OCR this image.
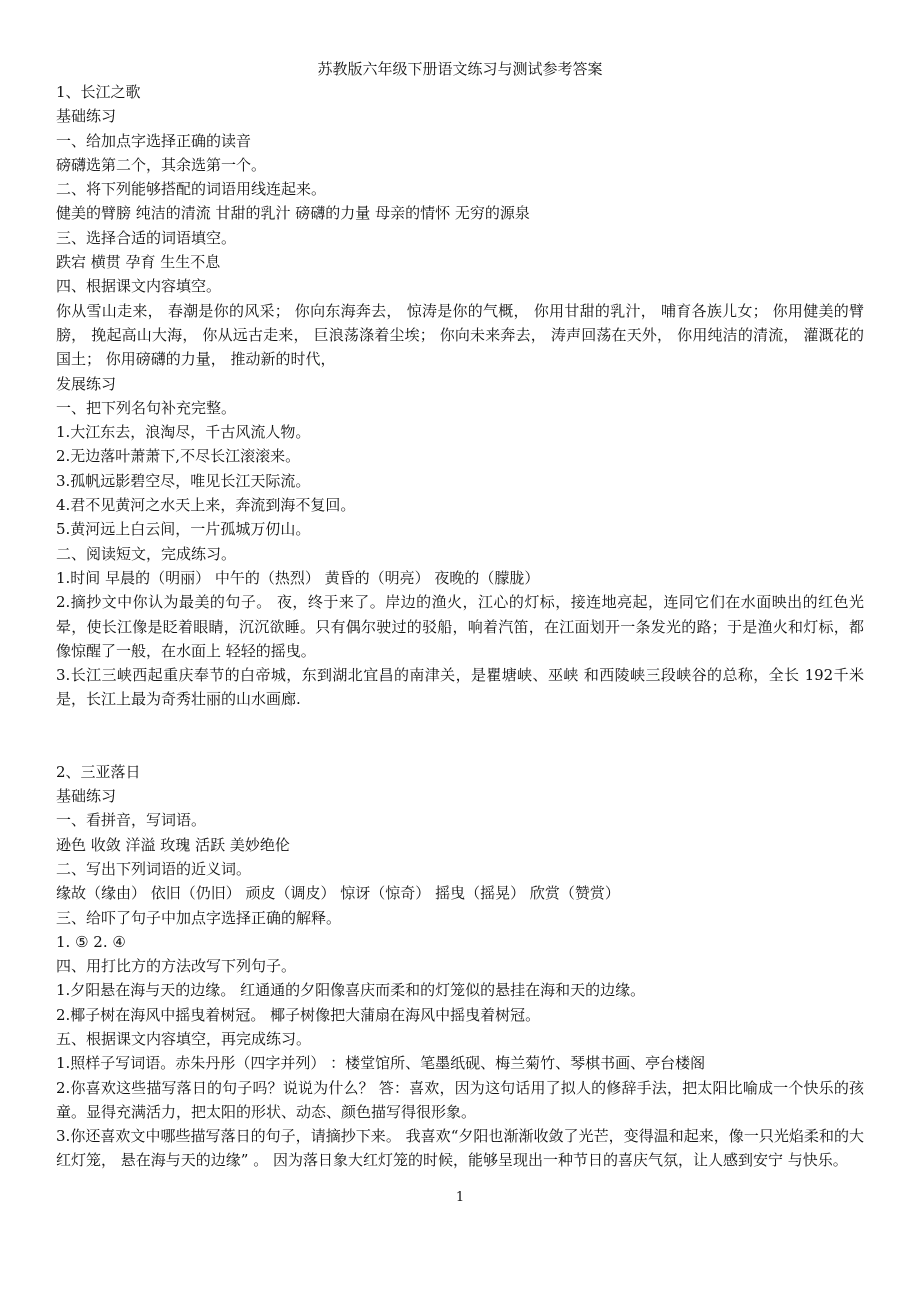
苏教版六年级下册语文练习与测试参考答案

1、长江之歌

基础练习

一、给加点字选择正确的读音

磅礴选第二个，其余选第一个。

二、将下列能够搭配的词语用线连起来。

健美的臂膀 纯洁的清流 甘甜的乳汁 磅礴的力量 母亲的情怀 无穷的源泉

三、选择合适的词语填空。

跌宕 横贯 孕育 生生不息

四、根据课文内容填空。

你从雪山走来， 春潮是你的风采； 你向东海奔去， 惊涛是你的气概， 你用甘甜的乳汁， 哺育各族儿女； 你用健美的臂膀， 挽起高山大海， 你从远古走来， 巨浪荡涤着尘埃； 你向未来奔去， 涛声回荡在天外， 你用纯洁的清流， 灌溉花的国土； 你用磅礴的力量， 推动新的时代，

发展练习

一、把下列名句补充完整。

1.大江东去，浪淘尽，千古风流人物。

2.无边落叶萧萧下,不尽长江滚滚来。

3.孤帆远影碧空尽，唯见长江天际流。

4.君不见黄河之水天上来，奔流到海不复回。

5.黄河远上白云间，一片孤城万仞山。

二、阅读短文，完成练习。

1.时间 早晨的（明丽） 中午的（热烈） 黄昏的（明亮） 夜晚的（朦胧）

2.摘抄文中你认为最美的句子。 夜，终于来了。岸边的渔火，江心的灯标，接连地亮起，连同它们在水面映出的红色光晕，使长江像是眨着眼睛，沉沉欲睡。只有偶尔驶过的驳船，响着汽笛，在江面划开一条发光的路；于是渔火和灯标，都像惊醒了一般，在水面上 轻轻的摇曳。

3.长江三峡西起重庆奉节的白帝城，东到湖北宜昌的南津关，是瞿塘峡、巫峡 和西陵峡三段峡谷的总称，全长 192千米是，长江上最为奇秀壮丽的山水画廊.

2、三亚落日

基础练习

一、看拼音，写词语。

逊色 收敛 洋溢 玫瑰 活跃 美妙绝伦

二、写出下列词语的近义词。

缘故（缘由） 依旧（仍旧） 顽皮（调皮） 惊讶（惊奇） 摇曳（摇晃） 欣赏（赞赏）

三、给吓了句子中加点字选择正确的解释。

1. ⑤ 2. ④

四、用打比方的方法改写下列句子。

1.夕阳悬在海与天的边缘。 红通通的夕阳像喜庆而柔和的灯笼似的悬挂在海和天的边缘。

2.椰子树在海风中摇曳着树冠。 椰子树像把大蒲扇在海风中摇曳着树冠。

五、根据课文内容填空，再完成练习。

1.照样子写词语。赤朱丹彤（四字并列） ：楼堂馆所、笔墨纸砚、梅兰菊竹、琴棋书画、亭台楼阁

2.你喜欢这些描写落日的句子吗？说说为什么？ 答：喜欢，因为这句话用了拟人的修辞手法，把太阳比喻成一个快乐的孩童。显得充满活力，把太阳的形状、动态、颜色描写得很形象。

3.你还喜欢文中哪些描写落日的句子，请摘抄下来。 我喜欢“夕阳也渐渐收敛了光芒，变得温和起来，像一只光焰柔和的大红灯笼， 悬在海与天的边缘” 。 因为落日象大红灯笼的时候，能够呈现出一种节日的喜庆气氛，让人感到安宁 与快乐。

1
